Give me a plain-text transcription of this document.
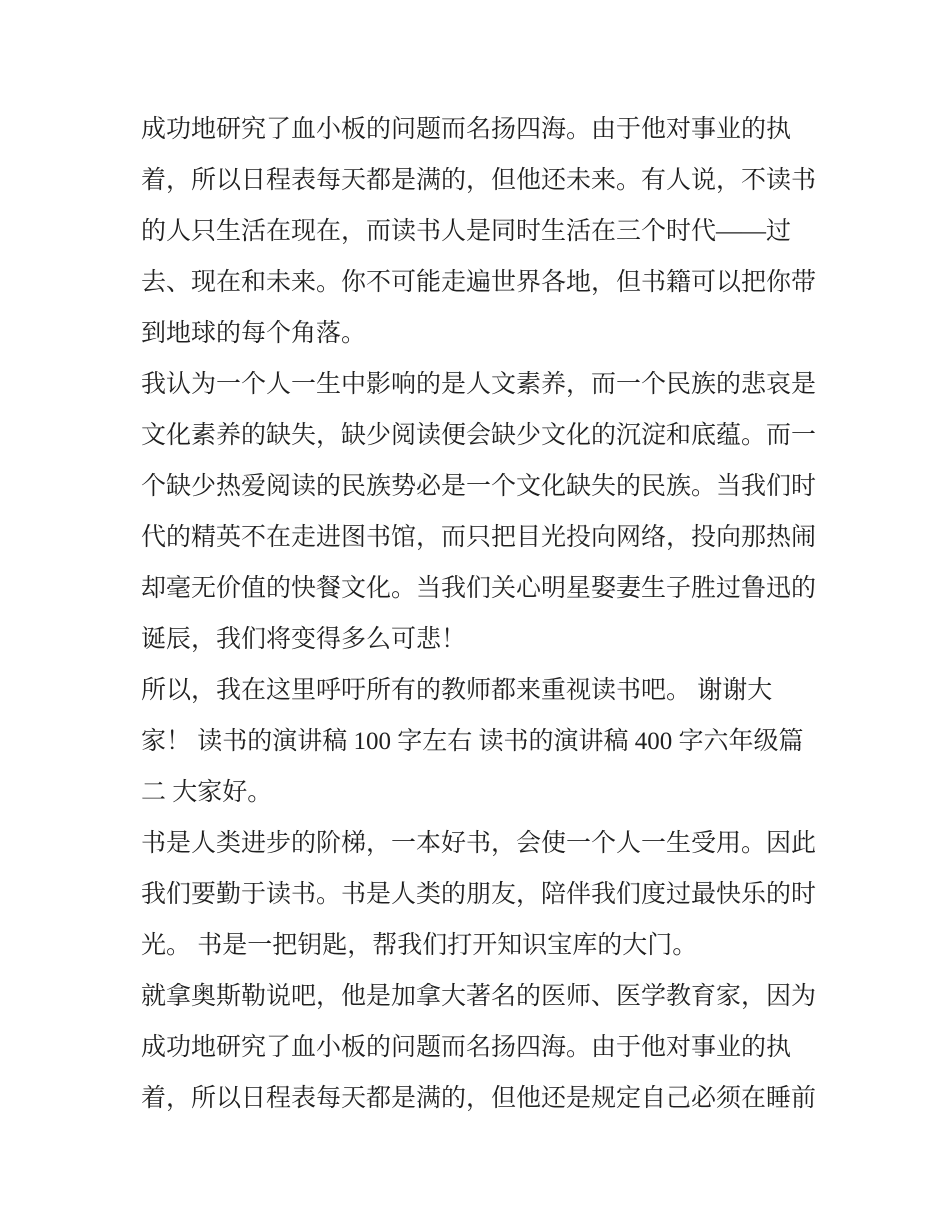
成功地研究了血小板的问题而名扬四海。由于他对事业的执
着，所以日程表每天都是满的，但他还未来。有人说，不读书
的人只生活在现在，而读书人是同时生活在三个时代——过
去、现在和未来。你不可能走遍世界各地，但书籍可以把你带
到地球的每个角落。
我认为一个人一生中影响的是人文素养，而一个民族的悲哀是
文化素养的缺失，缺少阅读便会缺少文化的沉淀和底蕴。而一
个缺少热爱阅读的民族势必是一个文化缺失的民族。当我们时
代的精英不在走进图书馆，而只把目光投向网络，投向那热闹
却毫无价值的快餐文化。当我们关心明星娶妻生子胜过鲁迅的
诞辰，我们将变得多么可悲！
所以，我在这里呼吁所有的教师都来重视读书吧。 谢谢大
家！ 读书的演讲稿 100 字左右 读书的演讲稿 400 字六年级篇
二 大家好。
书是人类进步的阶梯，一本好书，会使一个人一生受用。因此
我们要勤于读书。书是人类的朋友，陪伴我们度过最快乐的时
光。 书是一把钥匙，帮我们打开知识宝库的大门。
就拿奥斯勒说吧，他是加拿大著名的医师、医学教育家，因为
成功地研究了血小板的问题而名扬四海。由于他对事业的执
着，所以日程表每天都是满的，但他还是规定自己必须在睡前
